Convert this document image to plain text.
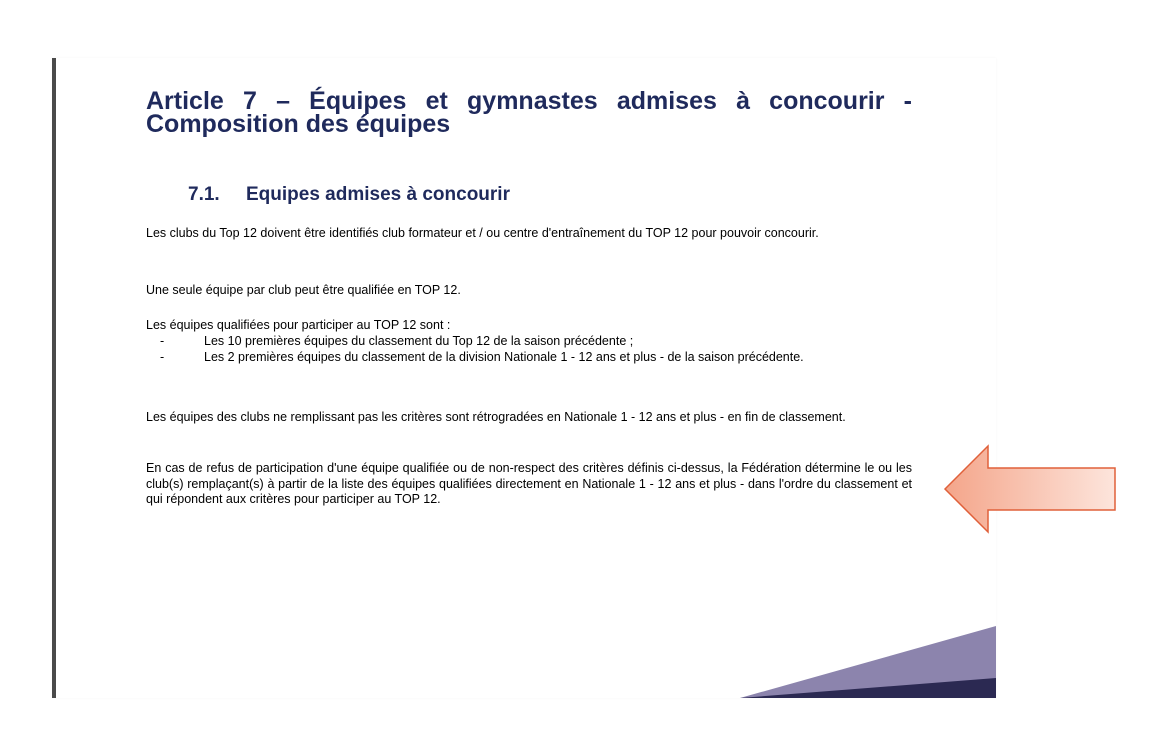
Article 7 – Équipes et gymnastes admises à concourir -
Composition des équipes
7.1. Equipes admises à concourir

Les clubs du Top 12 doivent être identifiés club formateur et / ou centre d'entraînement du TOP 12 pour pouvoir concourir.

Une seule équipe par club peut être qualifiée en TOP 12.

Les équipes qualifiées pour participer au TOP 12 sont :

-	Les 10 premières équipes du classement du Top 12 de la saison précédente ;
-	Les 2 premières équipes du classement de la division Nationale 1 - 12 ans et plus - de la saison précédente.

Les équipes des clubs ne remplissant pas les critères sont rétrogradées en Nationale 1 - 12 ans et plus - en fin de classement.

En cas de refus de participation d'une équipe qualifiée ou de non-respect des critères définis ci-dessus, la Fédération détermine le ou les club(s) remplaçant(s) à partir de la liste des équipes qualifiées directement en Nationale 1 - 12 ans et plus - dans l'ordre du classement et qui répondent aux critères pour participer au TOP 12.
